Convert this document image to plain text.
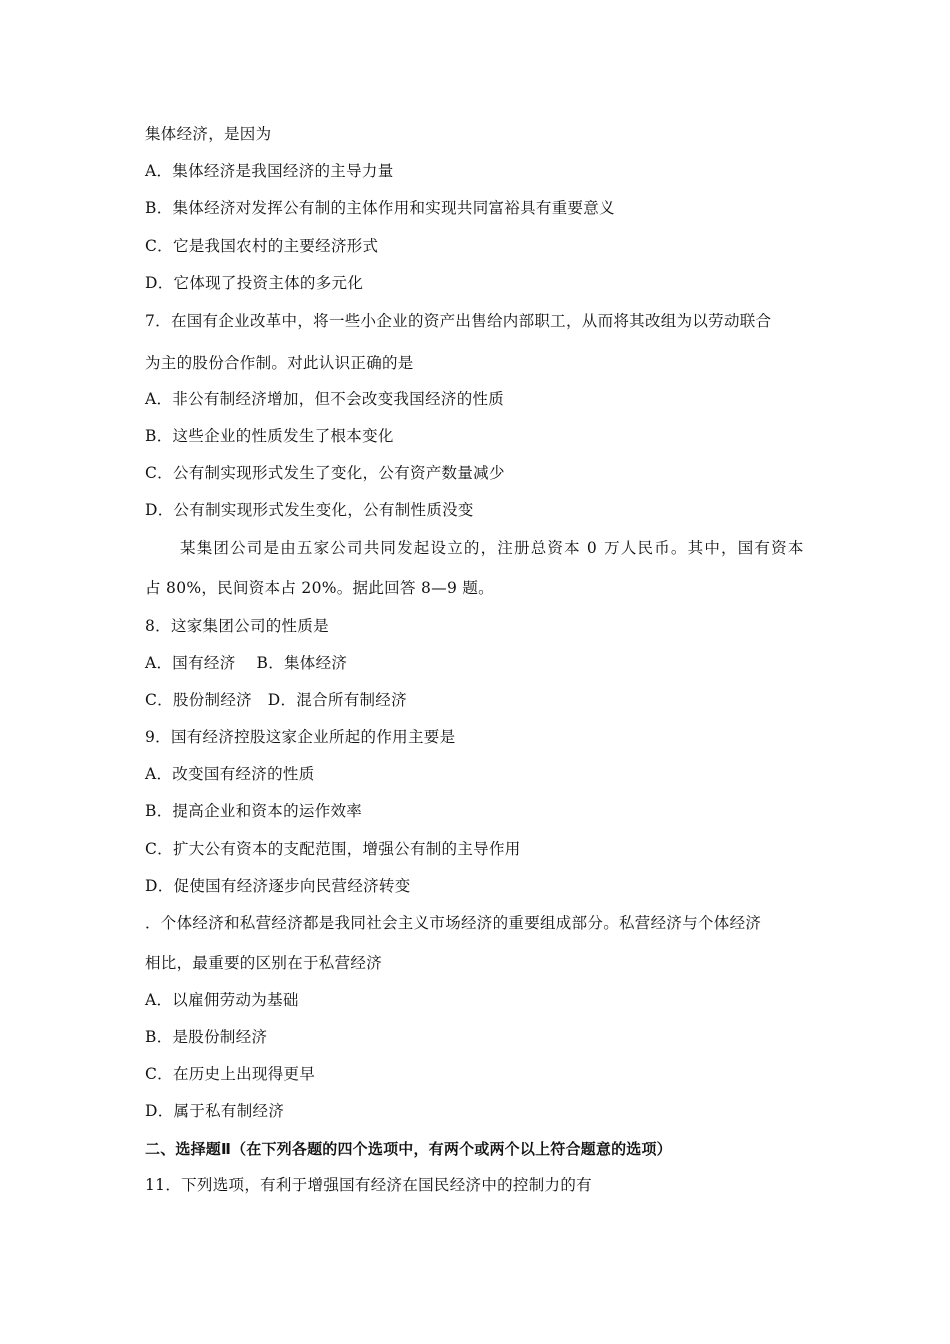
集体经济，是因为
A．集体经济是我国经济的主导力量
B．集体经济对发挥公有制的主体作用和实现共同富裕具有重要意义
C．它是我国农村的主要经济形式
D．它体现了投资主体的多元化
7．在国有企业改革中，将一些小企业的资产出售给内部职工，从而将其改组为以劳动联合
为主的股份合作制。对此认识正确的是
A．非公有制经济增加，但不会改变我国经济的性质
B．这些企业的性质发生了根本变化
C．公有制实现形式发生了变化，公有资产数量减少
D．公有制实现形式发生变化，公有制性质没变
某集团公司是由五家公司共同发起设立的，注册总资本 0 万人民币。其中，国有资本
占 80%，民间资本占 20%。据此回答 8—9 题。
8．这家集团公司的性质是
A．国有经济　 B．集体经济
C．股份制经济　D．混合所有制经济
9．国有经济控股这家企业所起的作用主要是
A．改变国有经济的性质
B．提高企业和资本的运作效率
C．扩大公有资本的支配范围，增强公有制的主导作用
D．促使国有经济逐步向民营经济转变
．个体经济和私营经济都是我同社会主义市场经济的重要组成部分。私营经济与个体经济
相比，最重要的区别在于私营经济
A．以雇佣劳动为基础
B．是股份制经济
C．在历史上出现得更早
D．属于私有制经济
二、选择题Ⅱ（在下列各题的四个选项中，有两个或两个以上符合题意的选项）
11．下列选项，有利于增强国有经济在国民经济中的控制力的有
